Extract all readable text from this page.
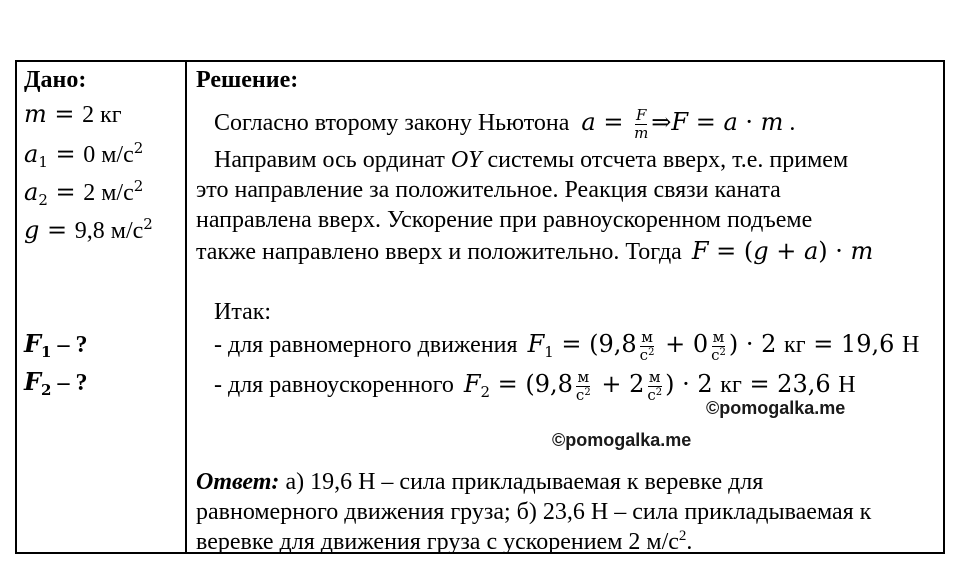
Дано:
m = 2 кг
$a_1 = 0$ $м/с^2$
$a_2 = 2$ $м/с^2$
g = 9,8 $м/с^2$
$F_1$ – ?
$F_2$ – ?
Решение:
Согласно второму закону Ньютона $a = \frac{F}{m}$ ⇒F = a · m .
Направим ось ординат OY системы отсчета вверх, т.е. примем
это направление за положительное. Реакция связи каната
направлена вверх. Ускорение при равноускоренном подъеме
также направлено вверх и положительно. Тогда F = (g + a) · m
Итак:
- для равномерного движения $F_1 = (9,8 \frac{м}{с^2} + 0 \frac{м}{с^2}$ ) · 2 кг = 19,6 Н
- для равноускоренного $F_2 = (9,8 \frac{м}{с^2} + 2 \frac{м}{с^2}$ ) · 2 кг = 23,6 Н
©pomogalka.me
©pomogalka.me
Ответ: а) 19,6 Н – сила прикладываемая к веревке для
равномерного движения груза; б) 23,6 Н – сила прикладываемая к
веревке для движения груза с ускорением 2 $м/с^2$.
